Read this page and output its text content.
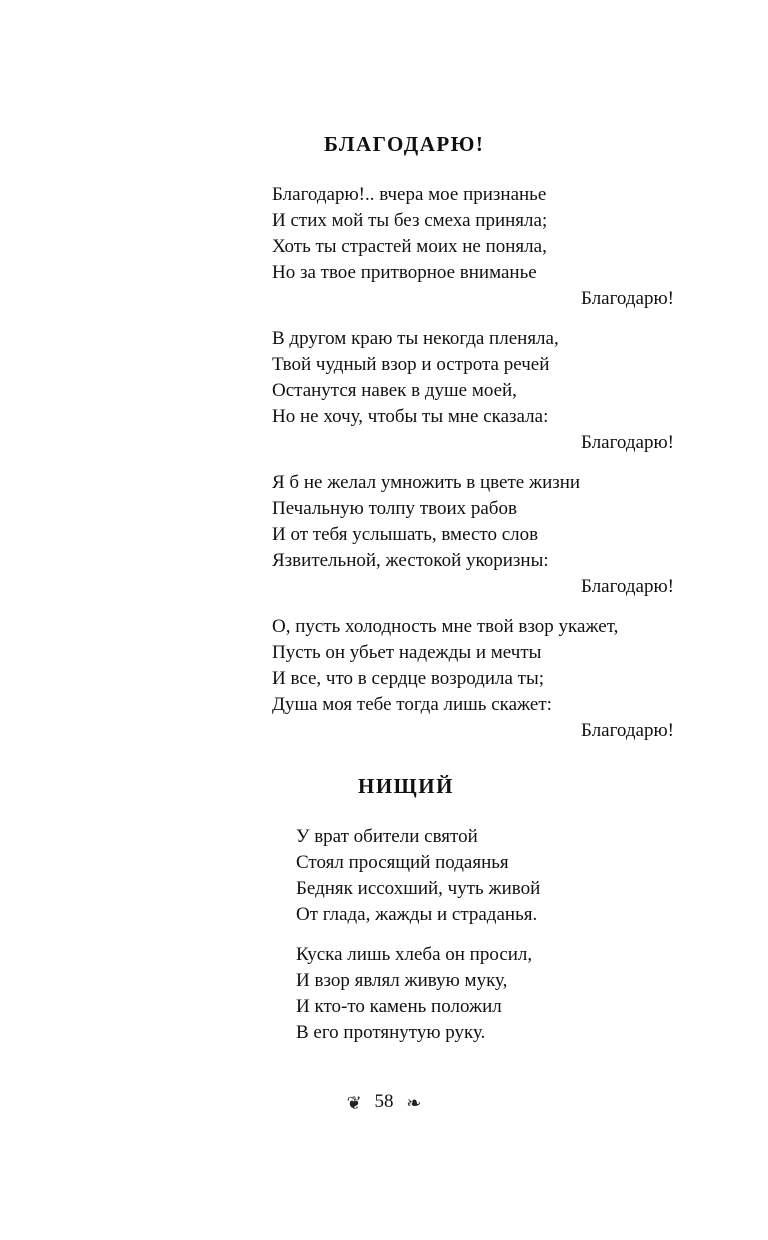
БЛАГОДАРЮ!
Благодарю!.. вчера мое признанье
И стих мой ты без смеха приняла;
Хоть ты страстей моих не поняла,
Но за твое притворное вниманье
Благодарю!
В другом краю ты некогда пленяла,
Твой чудный взор и острота речей
Останутся навек в душе моей,
Но не хочу, чтобы ты мне сказала:
Благодарю!
Я б не желал умножить в цвете жизни
Печальную толпу твоих рабов
И от тебя услышать, вместо слов
Язвительной, жестокой укоризны:
Благодарю!
О, пусть холодность мне твой взор укажет,
Пусть он убьет надежды и мечты
И все, что в сердце возродила ты;
Душа моя тебе тогда лишь скажет:
Благодарю!
НИЩИЙ
У врат обители святой
Стоял просящий подаянья
Бедняк иссохший, чуть живой
От глада, жажды и страданья.
Куска лишь хлеба он просил,
И взор являл живую муку,
И кто-то камень положил
В его протянутую руку.
❦ 58 ❧
